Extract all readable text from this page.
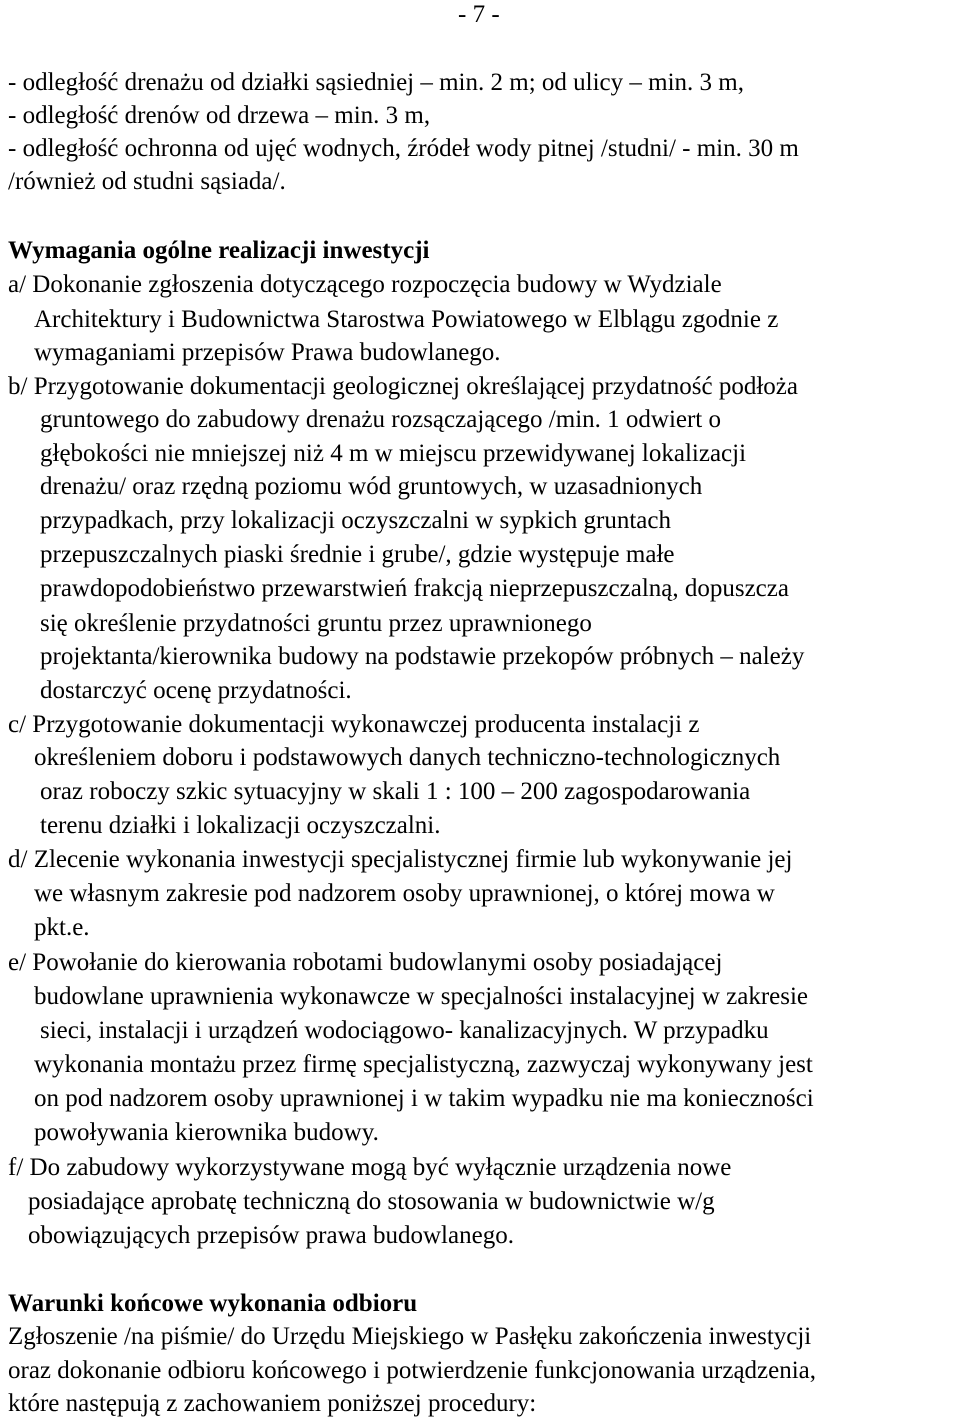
- 7 -
- odległość drenażu od działki sąsiedniej – min. 2 m; od ulicy – min. 3 m,
- odległość drenów od drzewa – min. 3 m,
- odległość ochronna od ujęć wodnych, źródeł wody pitnej /studni/ - min. 30 m
/również od studni sąsiada/.
Wymagania ogólne realizacji inwestycji
a/ Dokonanie zgłoszenia dotyczącego rozpoczęcia budowy w Wydziale
Architektury i Budownictwa Starostwa Powiatowego w Elblągu zgodnie z
wymaganiami przepisów Prawa budowlanego.
b/ Przygotowanie dokumentacji geologicznej określającej przydatność podłoża
gruntowego do zabudowy drenażu rozsączającego /min. 1 odwiert o
głębokości nie mniejszej niż 4 m w miejscu przewidywanej lokalizacji
drenażu/ oraz rzędną poziomu wód gruntowych, w uzasadnionych
przypadkach, przy lokalizacji oczyszczalni w sypkich gruntach
przepuszczalnych piaski średnie i grube/, gdzie występuje małe
prawdopodobieństwo przewarstwień frakcją nieprzepuszczalną, dopuszcza
się określenie przydatności gruntu przez uprawnionego
projektanta/kierownika budowy na podstawie przekopów próbnych – należy
dostarczyć ocenę przydatności.
c/ Przygotowanie dokumentacji wykonawczej producenta instalacji z
określeniem doboru i podstawowych danych techniczno-technologicznych
oraz roboczy szkic sytuacyjny w skali 1 : 100 – 200 zagospodarowania
terenu działki i lokalizacji oczyszczalni.
d/ Zlecenie wykonania inwestycji specjalistycznej firmie lub wykonywanie jej
we własnym zakresie pod nadzorem osoby uprawnionej, o której mowa w
pkt.e.
e/ Powołanie do kierowania robotami budowlanymi osoby posiadającej
budowlane uprawnienia wykonawcze w specjalności instalacyjnej w zakresie
sieci, instalacji i urządzeń wodociągowo- kanalizacyjnych. W przypadku
wykonania montażu przez firmę specjalistyczną, zazwyczaj wykonywany jest
on pod nadzorem osoby uprawnionej i w takim wypadku nie ma konieczności
powoływania kierownika budowy.
f/ Do zabudowy wykorzystywane mogą być wyłącznie urządzenia nowe
posiadające aprobatę techniczną do stosowania w budownictwie w/g
obowiązujących przepisów prawa budowlanego.
Warunki końcowe wykonania odbioru
Zgłoszenie /na piśmie/ do Urzędu Miejskiego w Pasłęku zakończenia inwestycji
oraz dokonanie odbioru końcowego i potwierdzenie funkcjonowania urządzenia,
które następują z zachowaniem poniższej procedury:
